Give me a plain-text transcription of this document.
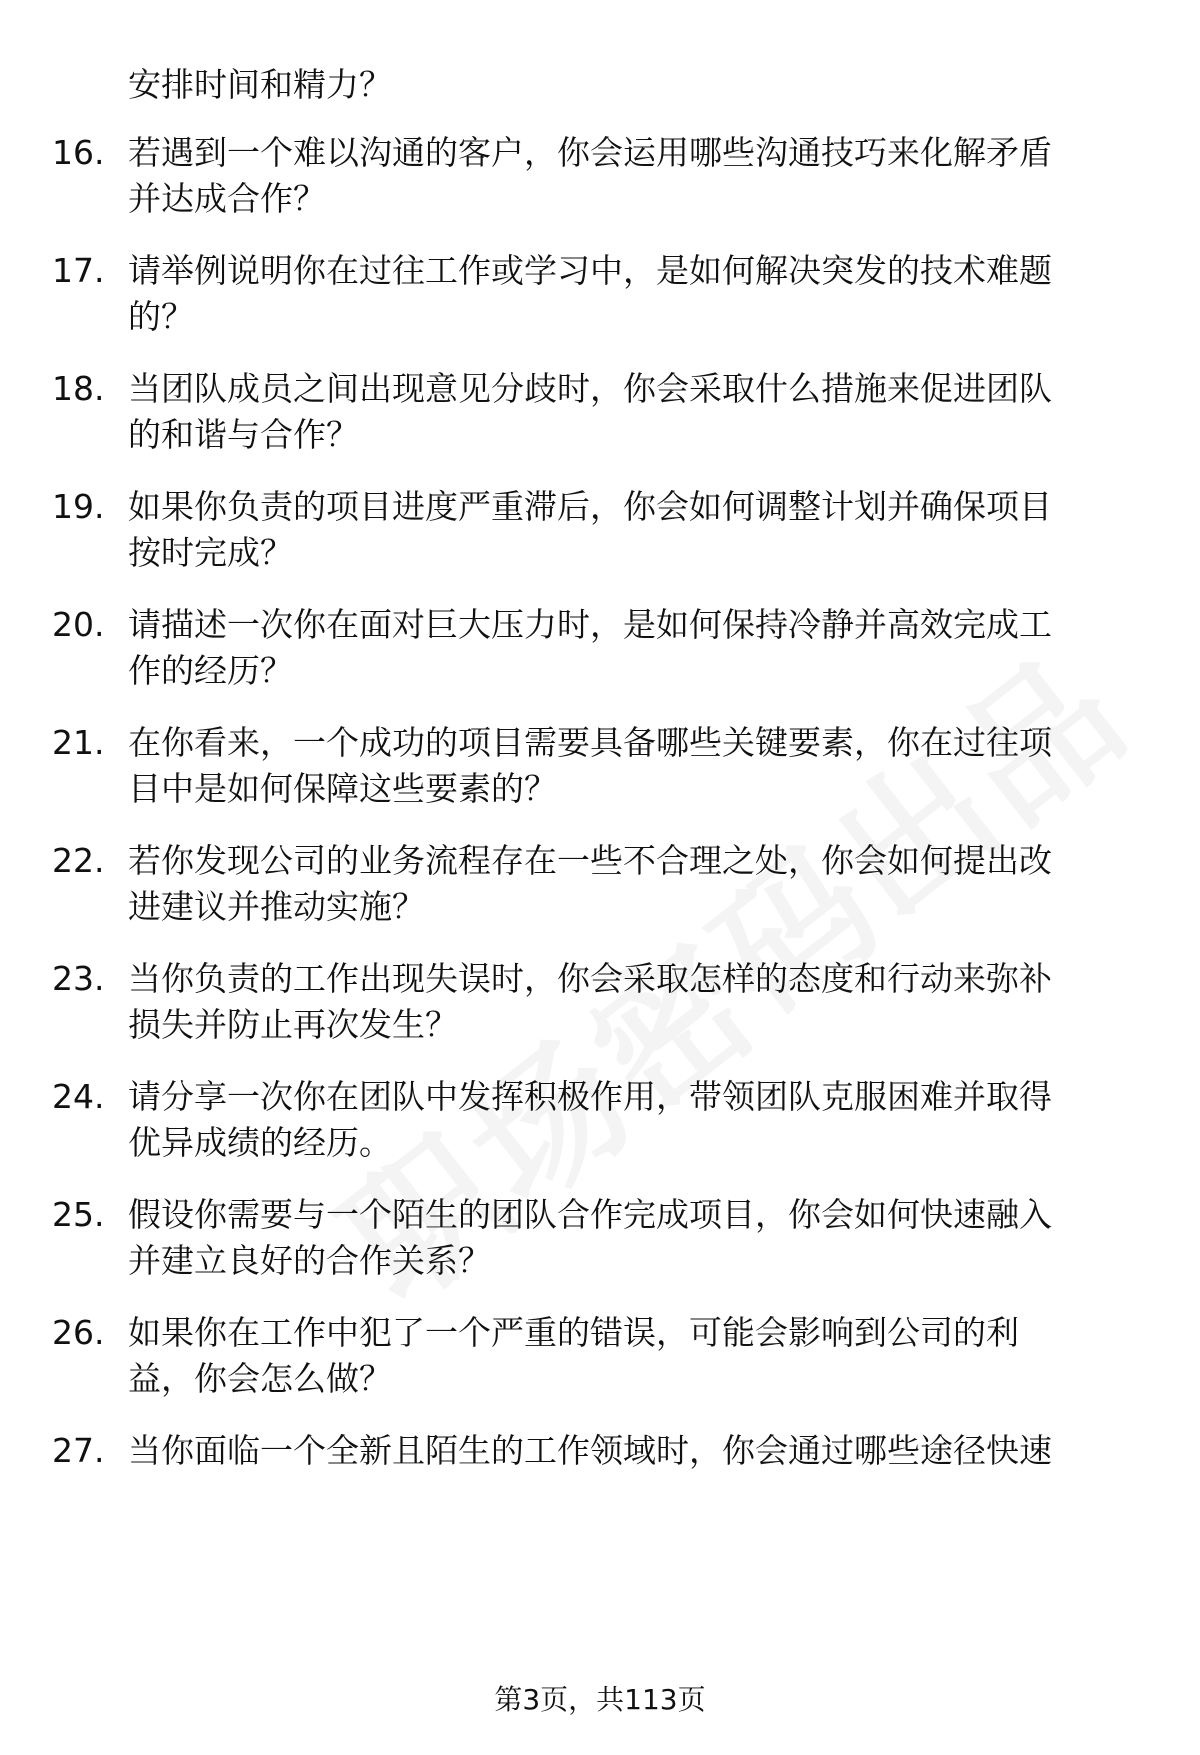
安排时间和精力？
16. 若遇到一个难以沟通的客户，你会运用哪些沟通技巧来化解矛盾
并达成合作？
17. 请举例说明你在过往工作或学习中，是如何解决突发的技术难题
的？
18. 当团队成员之间出现意见分歧时，你会采取什么措施来促进团队
的和谐与合作？
19. 如果你负责的项目进度严重滞后，你会如何调整计划并确保项目
按时完成？
20. 请描述一次你在面对巨大压力时，是如何保持冷静并高效完成工
作的经历？
21. 在你看来，一个成功的项目需要具备哪些关键要素，你在过往项
目中是如何保障这些要素的？
22. 若你发现公司的业务流程存在一些不合理之处，你会如何提出改
进建议并推动实施？
23. 当你负责的工作出现失误时，你会采取怎样的态度和行动来弥补
损失并防止再次发生？
24. 请分享一次你在团队中发挥积极作用，带领团队克服困难并取得
优异成绩的经历。
25. 假设你需要与一个陌生的团队合作完成项目，你会如何快速融入
并建立良好的合作关系？
26. 如果你在工作中犯了一个严重的错误，可能会影响到公司的利
益，你会怎么做？
27. 当你面临一个全新且陌生的工作领域时，你会通过哪些途径快速
第3页，共113页
